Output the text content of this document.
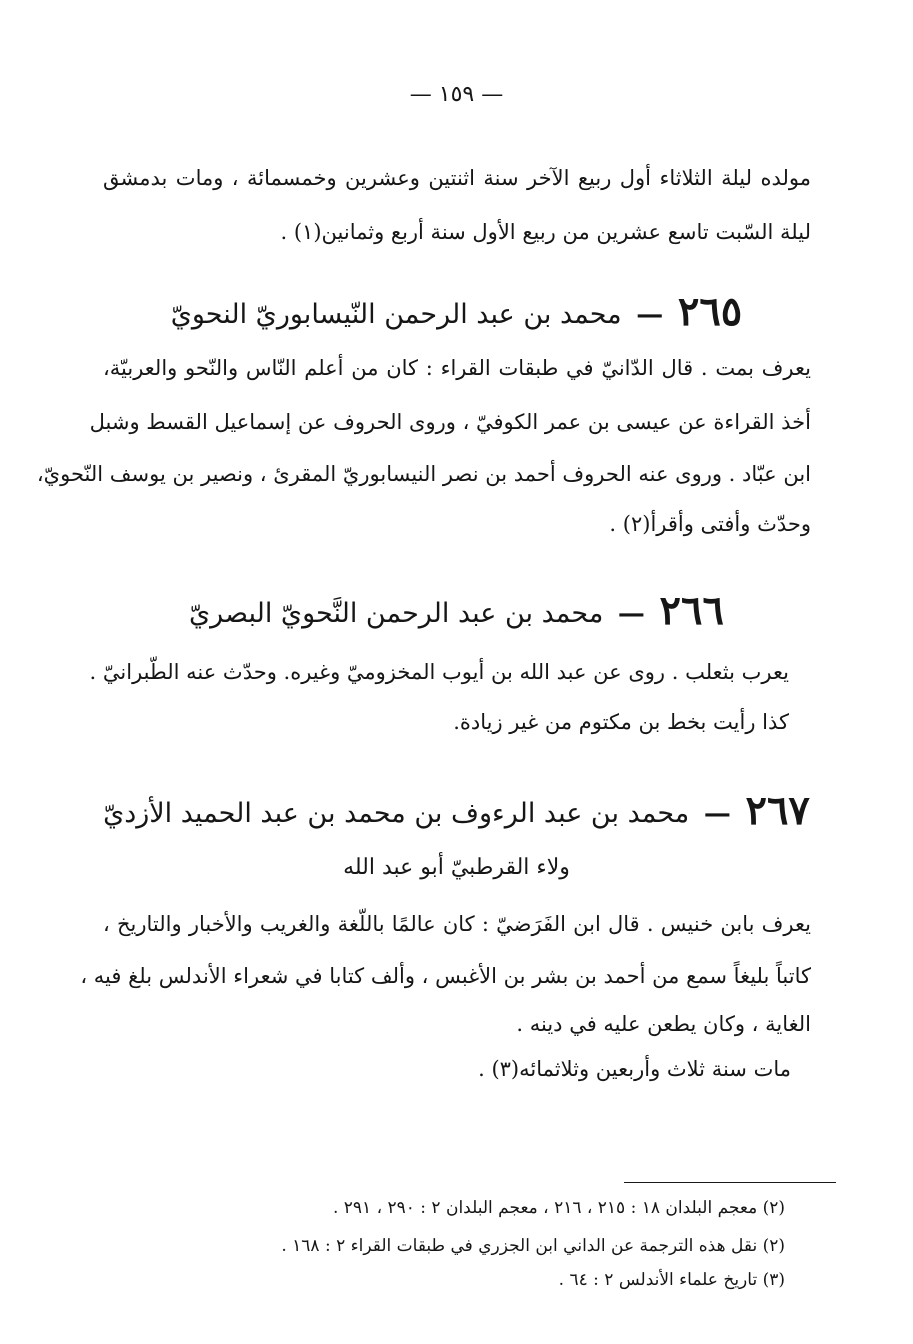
— ١٥٩ —
مولده ليلة الثلاثاء أول ربيع الآخر سنة اثنتين وعشرين وخمسمائة ، ومات بدمشق
ليلة السّبت تاسع عشرين من ربيع الأول سنة أربع وثمانين(١) .
٢٦٥ — محمد بن عبد الرحمن النّيسابوريّ النحويّ
يعرف بمت . قال الدّانيّ في طبقات القراء : كان من أعلم النّاس والنّحو والعربيّة،
أخذ القراءة عن عيسى بن عمر الكوفيّ ، وروى الحروف عن إسماعيل القسط وشبل
ابن عبّاد . وروى عنه الحروف أحمد بن نصر النيسابوريّ المقرئ ، ونصير بن يوسف النّحويّ،
وحدّث وأفتى وأقرأ(٢) .
٢٦٦ — محمد بن عبد الرحمن النَّحويّ البصريّ
يعرب بثعلب . روى عن عبد الله بن أيوب المخزوميّ وغيره. وحدّث عنه الطّبرانيّ .
كذا رأيت بخط بن مكتوم من غير زيادة.
٢٦٧ — محمد بن عبد الرءوف بن محمد بن عبد الحميد الأزديّ
ولاء القرطبيّ أبو عبد الله
يعرف بابن خنيس . قال ابن الفَرَضيّ : كان عالمًا باللّغة والغريب والأخبار والتاريخ ،
كاتباً بليغاً سمع من أحمد بن بشر بن الأغبس ، وألف كتابا في شعراء الأندلس بلغ فيه ،
الغاية ، وكان يطعن عليه في دينه .
مات سنة ثلاث وأربعين وثلاثمائه(٣) .
(٢) معجم البلدان ١٨ : ٢١٥ ، ٢١٦ ، معجم البلدان ٢ : ٢٩٠ ، ٢٩١ .
(٢) نقل هذه الترجمة عن الداني ابن الجزري في طبقات القراء ٢ : ١٦٨ .
(٣) تاريخ علماء الأندلس ٢ : ٦٤ .
